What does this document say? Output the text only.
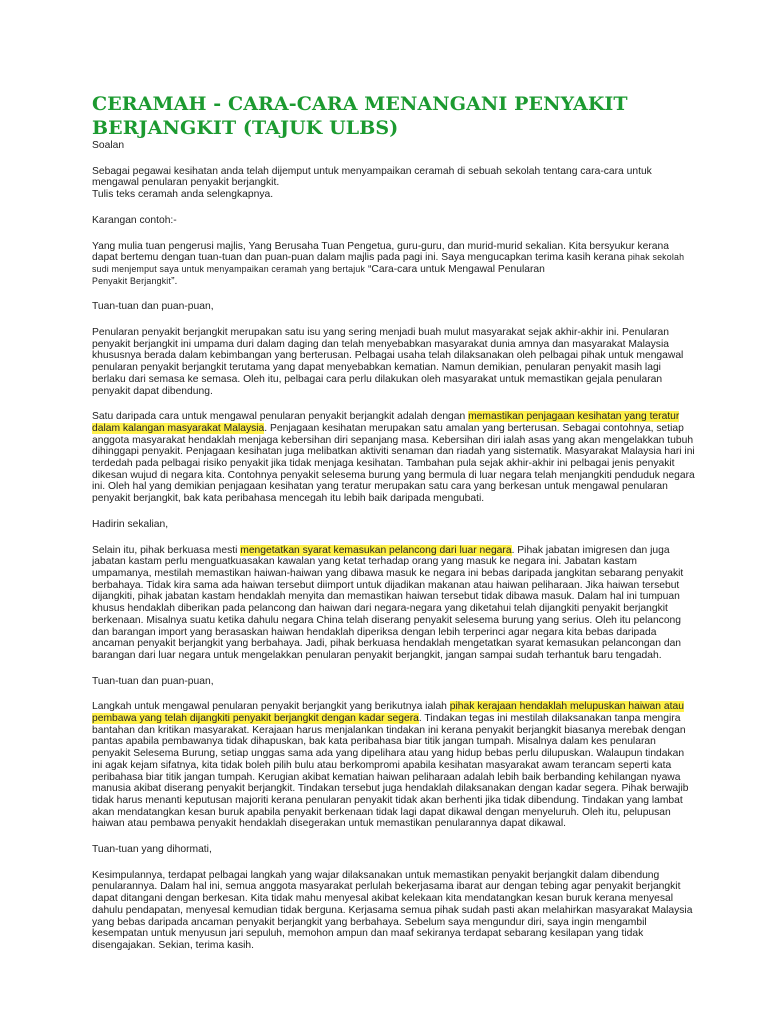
CERAMAH - CARA-CARA MENANGANI PENYAKIT
BERJANGKIT (TAJUK ULBS)

Soalan

Sebagai pegawai kesihatan anda telah dijemput untuk menyampaikan ceramah di sebuah sekolah tentang cara-cara untuk mengawal penularan penyakit berjangkit.
Tulis teks ceramah anda selengkapnya.

Karangan contoh:-

Yang mulia tuan pengerusi majlis, Yang Berusaha Tuan Pengetua, guru-guru, dan murid-murid sekalian. Kita bersyukur kerana dapat bertemu dengan tuan-tuan dan puan-puan dalam majlis pada pagi ini. Saya mengucapkan terima kasih kerana pihak sekolah sudi menjemput saya untuk menyampaikan ceramah yang bertajuk “Cara-cara untuk Mengawal Penularan
Penyakit Berjangkit”.

Tuan-tuan dan puan-puan,

Penularan penyakit berjangkit merupakan satu isu yang sering menjadi buah mulut masyarakat sejak akhir-akhir ini. Penularan penyakit berjangkit ini umpama duri dalam daging dan telah menyebabkan masyarakat dunia amnya dan masyarakat Malaysia khususnya berada dalam kebimbangan yang berterusan. Pelbagai usaha telah dilaksanakan oleh pelbagai pihak untuk mengawal penularan penyakit berjangkit terutama yang dapat menyebabkan kematian. Namun demikian, penularan penyakit masih lagi berlaku dari semasa ke semasa. Oleh itu, pelbagai cara perlu dilakukan oleh masyarakat untuk memastikan gejala penularan penyakit dapat dibendung.

Satu daripada cara untuk mengawal penularan penyakit berjangkit adalah dengan memastikan penjagaan kesihatan yang teratur dalam kalangan masyarakat Malaysia. Penjagaan kesihatan merupakan satu amalan yang berterusan. Sebagai contohnya, setiap anggota masyarakat hendaklah menjaga kebersihan diri sepanjang masa. Kebersihan diri ialah asas yang akan mengelakkan tubuh dihinggapi penyakit. Penjagaan kesihatan juga melibatkan aktiviti senaman dan riadah yang sistematik. Masyarakat Malaysia hari ini terdedah pada pelbagai risiko penyakit jika tidak menjaga kesihatan. Tambahan pula sejak akhir-akhir ini pelbagai jenis penyakit dikesan wujud di negara kita. Contohnya penyakit selesema burung yang bermula di luar negara telah menjangkiti penduduk negara ini. Oleh hal yang demikian penjagaan kesihatan yang teratur merupakan satu cara yang berkesan untuk mengawal penularan penyakit berjangkit, bak kata peribahasa mencegah itu lebih baik daripada mengubati.

Hadirin sekalian,

Selain itu, pihak berkuasa mesti mengetatkan syarat kemasukan pelancong dari luar negara. Pihak jabatan imigresen dan juga jabatan kastam perlu menguatkuasakan kawalan yang ketat terhadap orang yang masuk ke negara ini. Jabatan kastam umpamanya, mestilah memastikan haiwan-haiwan yang dibawa masuk ke negara ini bebas daripada jangkitan sebarang penyakit berbahaya. Tidak kira sama ada haiwan tersebut diimport untuk dijadikan makanan atau haiwan peliharaan. Jika haiwan tersebut dijangkiti, pihak jabatan kastam hendaklah menyita dan memastikan haiwan tersebut tidak dibawa masuk. Dalam hal ini tumpuan khusus hendaklah diberikan pada pelancong dan haiwan dari negara-negara yang diketahui telah dijangkiti penyakit berjangkit berkenaan. Misalnya suatu ketika dahulu negara China telah diserang penyakit selesema burung yang serius. Oleh itu pelancong dan barangan import yang berasaskan haiwan hendaklah diperiksa dengan lebih terperinci agar negara kita bebas daripada ancaman penyakit berjangkit yang berbahaya. Jadi, pihak berkuasa hendaklah mengetatkan syarat kemasukan pelancongan dan barangan dari luar negara untuk mengelakkan penularan penyakit berjangkit, jangan sampai sudah terhantuk baru tengadah.

Tuan-tuan dan puan-puan,

Langkah untuk mengawal penularan penyakit berjangkit yang berikutnya ialah pihak kerajaan hendaklah melupuskan haiwan atau pembawa yang telah dijangkiti penyakit berjangkit dengan kadar segera. Tindakan tegas ini mestilah dilaksanakan tanpa mengira bantahan dan kritikan masyarakat. Kerajaan harus menjalankan tindakan ini kerana penyakit berjangkit biasanya merebak dengan pantas apabila pembawanya tidak dihapuskan, bak kata peribahasa biar titik jangan tumpah. Misalnya dalam kes penularan penyakit Selesema Burung, setiap unggas sama ada yang dipelihara atau yang hidup bebas perlu dilupuskan. Walaupun tindakan ini agak kejam sifatnya, kita tidak boleh pilih bulu atau berkompromi apabila kesihatan masyarakat awam terancam seperti kata peribahasa biar titik jangan tumpah. Kerugian akibat kematian haiwan peliharaan adalah lebih baik berbanding kehilangan nyawa manusia akibat diserang penyakit berjangkit. Tindakan tersebut juga hendaklah dilaksanakan dengan kadar segera. Pihak berwajib tidak harus menanti keputusan majoriti kerana penularan penyakit tidak akan berhenti jika tidak dibendung. Tindakan yang lambat akan mendatangkan kesan buruk apabila penyakit berkenaan tidak lagi dapat dikawal dengan menyeluruh. Oleh itu, pelupusan haiwan atau pembawa penyakit hendaklah disegerakan untuk memastikan penularannya dapat dikawal.

Tuan-tuan yang dihormati,

Kesimpulannya, terdapat pelbagai langkah yang wajar dilaksanakan untuk memastikan penyakit berjangkit dalam dibendung penularannya. Dalam hal ini, semua anggota masyarakat perlulah bekerjasama ibarat aur dengan tebing agar penyakit berjangkit dapat ditangani dengan berkesan. Kita tidak mahu menyesal akibat kelekaan kita mendatangkan kesan buruk kerana menyesal dahulu pendapatan, menyesal kemudian tidak berguna. Kerjasama semua pihak sudah pasti akan melahirkan masyarakat Malaysia yang bebas daripada ancaman penyakit berjangkit yang berbahaya. Sebelum saya mengundur diri, saya ingin mengambil kesempatan untuk menyusun jari sepuluh, memohon ampun dan maaf sekiranya terdapat sebarang kesilapan yang tidak disengajakan. Sekian, terima kasih.
